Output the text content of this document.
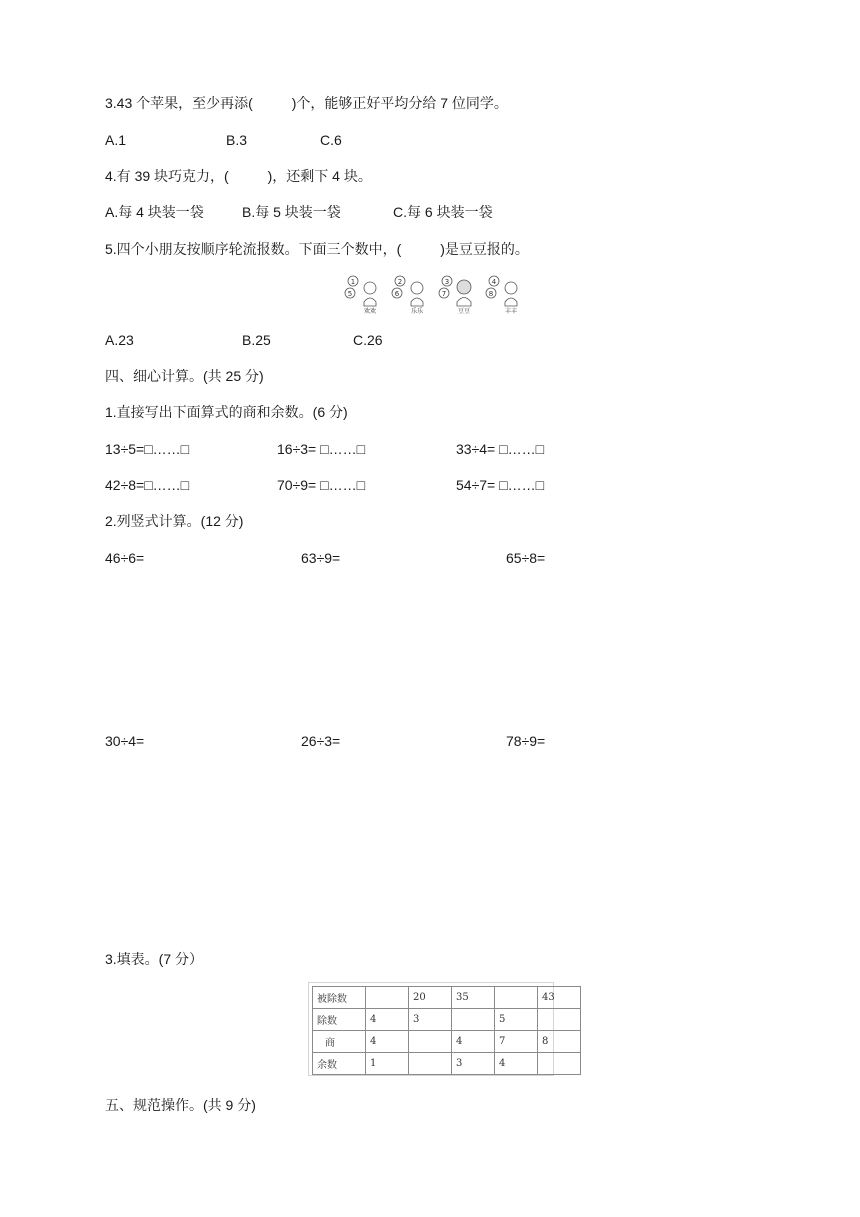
3.43 个苹果，至少再添(          )个，能够正好平均分给 7 位同学。
A.1	B.3	C.6
4.有 39 块巧克力，(          )，还剩下 4 块。
A.每 4 块装一袋	B.每 5 块装一袋	C.每 6 块装一袋
5.四个小朋友按顺序轮流报数。下面三个数中，(          )是豆豆报的。
1
5
欢欢
2
6
乐乐
3
7
豆豆
4
8
丰丰
A.23	B.25	C.26
四、细心计算。(共 25 分)
1.直接写出下面算式的商和余数。(6 分)
13÷5=□……□	16÷3= □……□	33÷4= □……□
42÷8=□……□	70÷9= □……□	54÷7= □……□
2.列竖式计算。(12 分)
46÷6=	63÷9=	65÷8=
30÷4=	26÷3=	78÷9=
3.填表。(7 分）
被除数		20	35		43
除数	4	3		5	
商	4		4	7	8
余数	1		3	4	
五、规范操作。(共 9 分)
